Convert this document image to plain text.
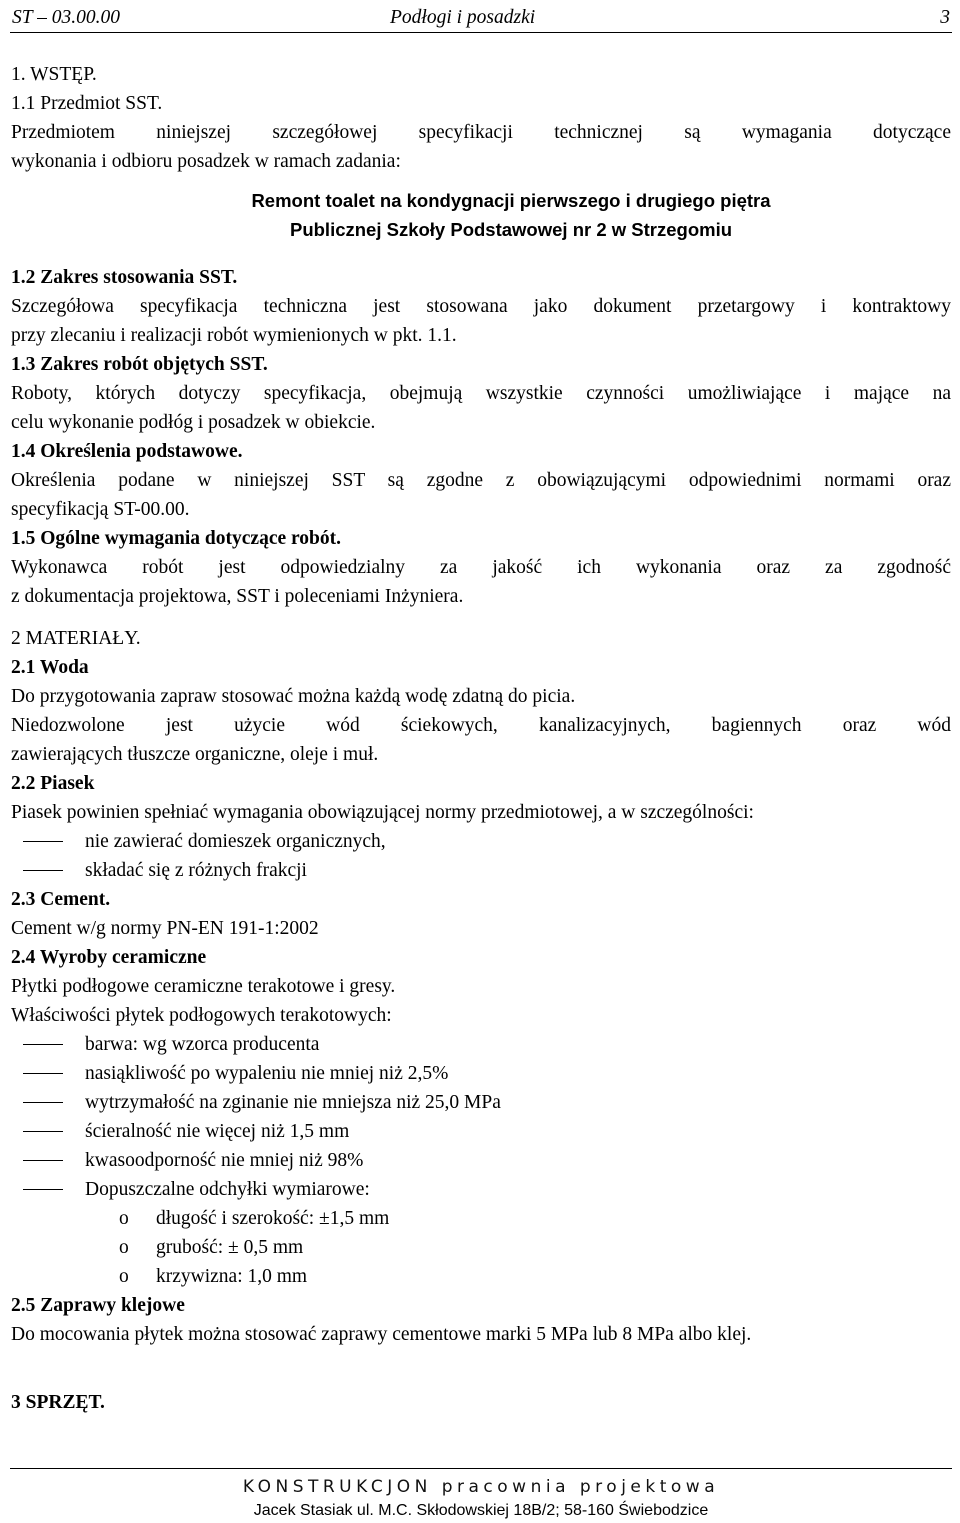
ST – 03.00.00	Podłogi i posadzki	3
1. WSTĘP.
1.1 Przedmiot SST.
Przedmiotem niniejszej szczegółowej specyfikacji technicznej są wymagania dotyczące
wykonania i odbioru posadzek w ramach zadania:
Remont toalet na kondygnacji pierwszego i drugiego piętra
Publicznej Szkoły Podstawowej nr 2 w Strzegomiu
1.2 Zakres stosowania SST.
Szczegółowa specyfikacja techniczna jest stosowana jako dokument przetargowy i kontraktowy
przy zlecaniu i realizacji robót wymienionych w pkt. 1.1.
1.3 Zakres robót objętych SST.
Roboty, których dotyczy specyfikacja, obejmują wszystkie czynności umożliwiające i mające na
celu wykonanie podłóg i posadzek w obiekcie.
1.4 Określenia podstawowe.
Określenia podane w niniejszej SST są zgodne z obowiązującymi odpowiednimi normami oraz
specyfikacją ST-00.00.
1.5 Ogólne wymagania dotyczące robót.
Wykonawca robót jest odpowiedzialny za jakość ich wykonania oraz za zgodność
z dokumentacja projektowa, SST i poleceniami Inżyniera.
2 MATERIAŁY.
2.1 Woda
Do przygotowania zapraw stosować można każdą wodę zdatną do picia.
Niedozwolone jest użycie wód ściekowych, kanalizacyjnych, bagiennych oraz wód
zawierających tłuszcze organiczne, oleje i muł.
2.2 Piasek
Piasek powinien spełniać wymagania obowiązującej normy przedmiotowej, a w szczególności:
nie zawierać domieszek organicznych,
składać się z różnych frakcji
2.3 Cement.
Cement w/g normy PN-EN 191-1:2002
2.4 Wyroby ceramiczne
Płytki podłogowe ceramiczne terakotowe i gresy.
Właściwości płytek podłogowych terakotowych:
barwa: wg wzorca producenta
nasiąkliwość po wypaleniu nie mniej niż 2,5%
wytrzymałość na zginanie nie mniejsza niż 25,0 MPa
ścieralność nie więcej niż 1,5 mm
kwasoodporność nie mniej niż 98%
Dopuszczalne odchyłki wymiarowe:
o długość i szerokość: ±1,5 mm
o grubość: ± 0,5 mm
o krzywizna: 1,0 mm
2.5 Zaprawy klejowe
Do mocowania płytek można stosować zaprawy cementowe marki 5 MPa lub 8 MPa albo klej.
3 SPRZĘT.
KONSTRUKCJON pracownia projektowa
Jacek Stasiak ul. M.C. Skłodowskiej 18B/2; 58-160 Świebodzice
